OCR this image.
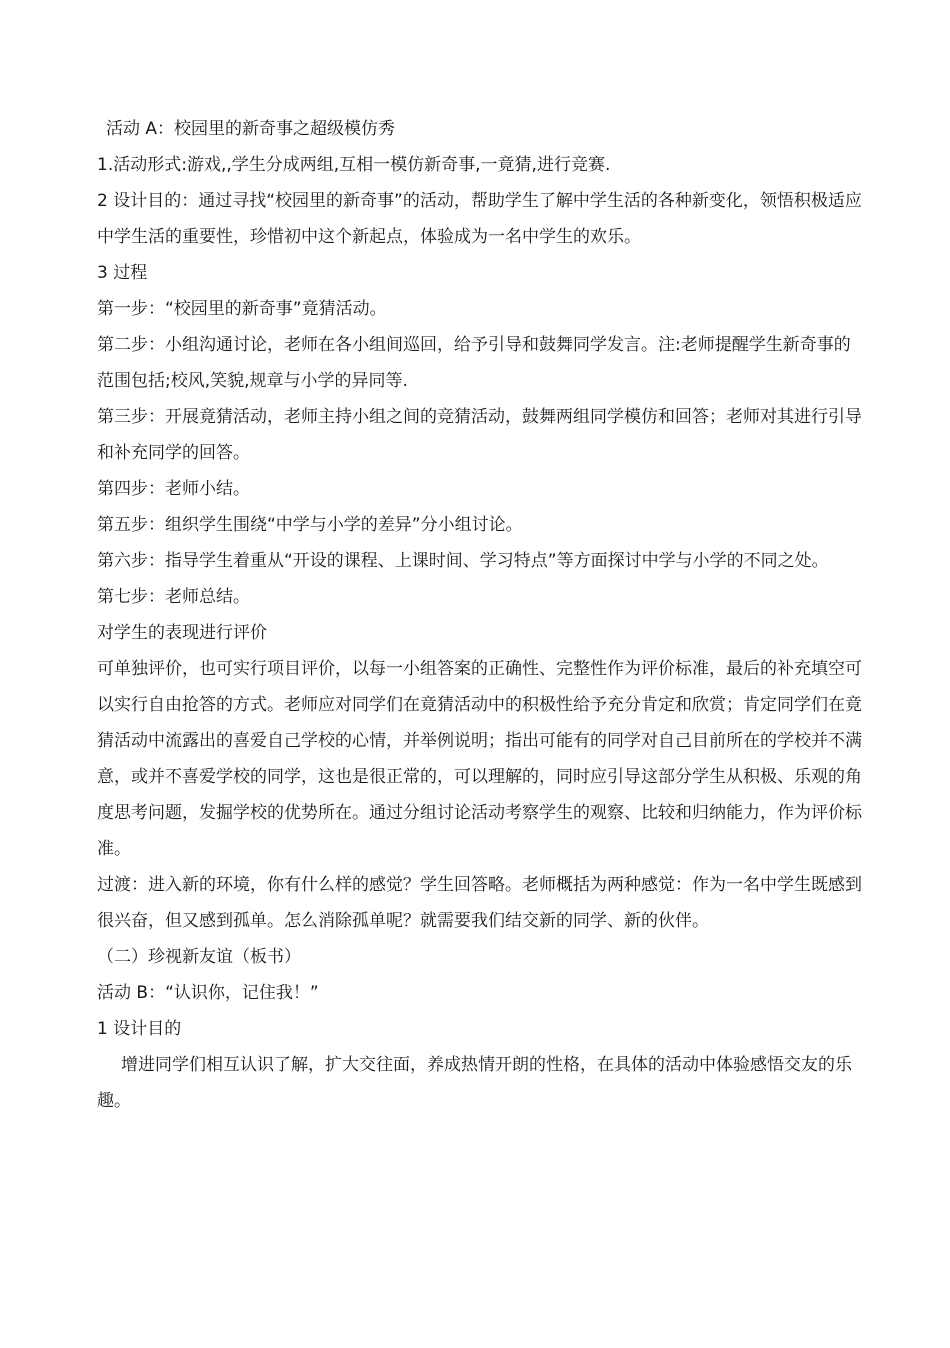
活动 A：校园里的新奇事之超级模仿秀

1.活动形式:游戏,,学生分成两组,互相一模仿新奇事,一竟猜,进行竞赛.

2 设计目的：通过寻找“校园里的新奇事”的活动，帮助学生了解中学生活的各种新变化，领悟积极适应中学生活的重要性，珍惜初中这个新起点，体验成为一名中学生的欢乐。

3 过程

第一步：“校园里的新奇事”竟猜活动。

第二步：小组沟通讨论，老师在各小组间巡回，给予引导和鼓舞同学发言。注:老师提醒学生新奇事的范围包括;校风,笑貌,规章与小学的异同等.

第三步：开展竟猜活动，老师主持小组之间的竞猜活动，鼓舞两组同学模仿和回答；老师对其进行引导和补充同学的回答。

第四步：老师小结。

第五步：组织学生围绕“中学与小学的差异”分小组讨论。

第六步：指导学生着重从“开设的课程、上课时间、学习特点”等方面探讨中学与小学的不同之处。

第七步：老师总结。

对学生的表现进行评价

可单独评价，也可实行项目评价，以每一小组答案的正确性、完整性作为评价标准，最后的补充填空可以实行自由抢答的方式。老师应对同学们在竟猜活动中的积极性给予充分肯定和欣赏；肯定同学们在竟猜活动中流露出的喜爱自己学校的心情，并举例说明；指出可能有的同学对自己目前所在的学校并不满意，或并不喜爱学校的同学，这也是很正常的，可以理解的，同时应引导这部分学生从积极、乐观的角度思考问题，发掘学校的优势所在。通过分组讨论活动考察学生的观察、比较和归纳能力，作为评价标准。

过渡：进入新的环境，你有什么样的感觉？学生回答略。老师概括为两种感觉：作为一名中学生既感到很兴奋，但又感到孤单。怎么消除孤单呢？就需要我们结交新的同学、新的伙伴。

（二）珍视新友谊（板书）

活动 B：“认识你，记住我！”

1 设计目的

增进同学们相互认识了解，扩大交往面，养成热情开朗的性格，在具体的活动中体验感悟交友的乐趣。
